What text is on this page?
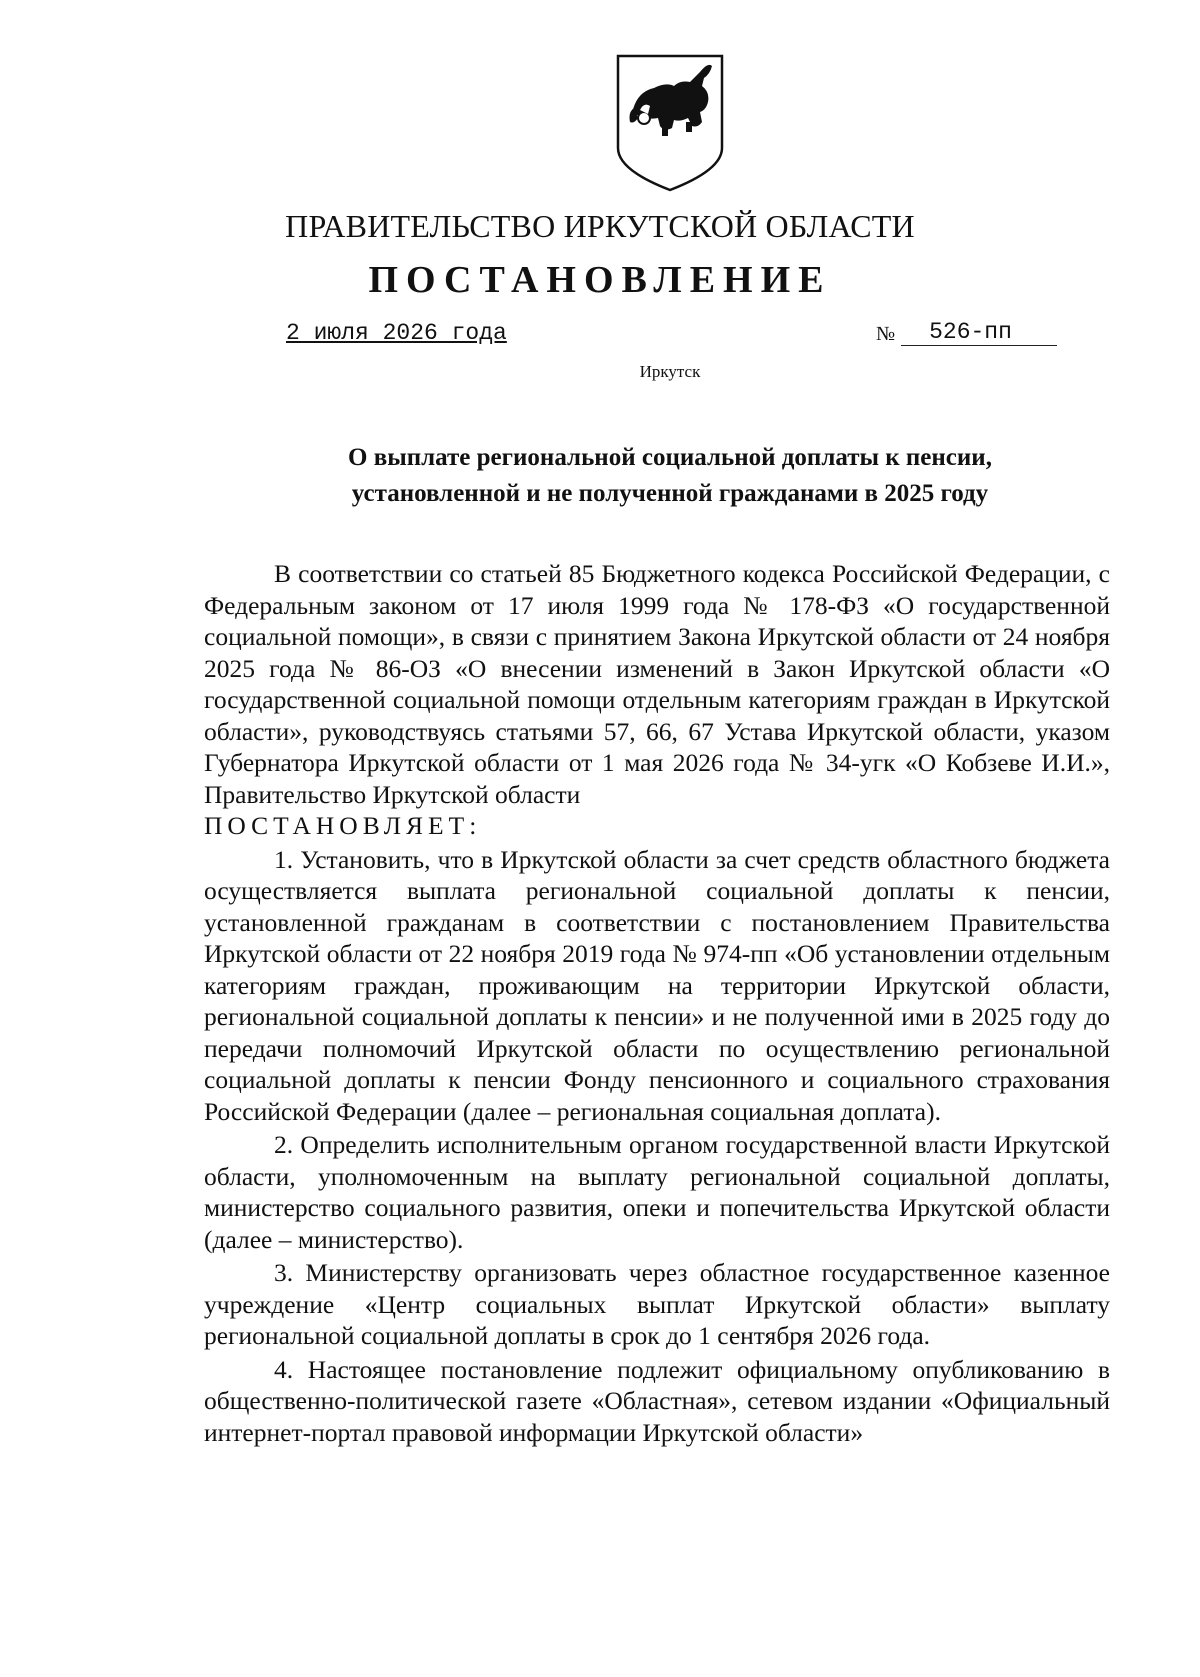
ПРАВИТЕЛЬСТВО ИРКУТСКОЙ ОБЛАСТИ
ПОСТАНОВЛЕНИЕ
2 июля 2026 года	№ 526-пп
Иркутск
О выплате региональной социальной доплаты к пенсии,
установленной и не полученной гражданами в 2025 году

В соответствии со статьей 85 Бюджетного кодекса Российской Федерации, с Федеральным законом от 17 июля 1999 года № 178-ФЗ «О государственной социальной помощи», в связи с принятием Закона Иркутской области от 24 ноября 2025 года № 86-ОЗ «О внесении изменений в Закон Иркутской области «О государственной социальной помощи отдельным категориям граждан в Иркутской области», руководствуясь статьями 57, 66, 67 Устава Иркутской области, указом Губернатора Иркутской области от 1 мая 2026 года № 34-угк «О Кобзеве И.И.», Правительство Иркутской области

ПОСТАНОВЛЯЕТ:

1. Установить, что в Иркутской области за счет средств областного бюджета осуществляется выплата региональной социальной доплаты к пенсии, установленной гражданам в соответствии с постановлением Правительства Иркутской области от 22 ноября 2019 года № 974-пп «Об установлении отдельным категориям граждан, проживающим на территории Иркутской области, региональной социальной доплаты к пенсии» и не полученной ими в 2025 году до передачи полномочий Иркутской области по осуществлению региональной социальной доплаты к пенсии Фонду пенсионного и социального страхования Российской Федерации (далее – региональная социальная доплата).

2. Определить исполнительным органом государственной власти Иркутской области, уполномоченным на выплату региональной социальной доплаты, министерство социального развития, опеки и попечительства Иркутской области (далее – министерство).

3. Министерству организовать через областное государственное казенное учреждение «Центр социальных выплат Иркутской области» выплату региональной социальной доплаты в срок до 1 сентября 2026 года.

4. Настоящее постановление подлежит официальному опубликованию в общественно-политической газете «Областная», сетевом издании «Официальный интернет-портал правовой информации Иркутской области»
